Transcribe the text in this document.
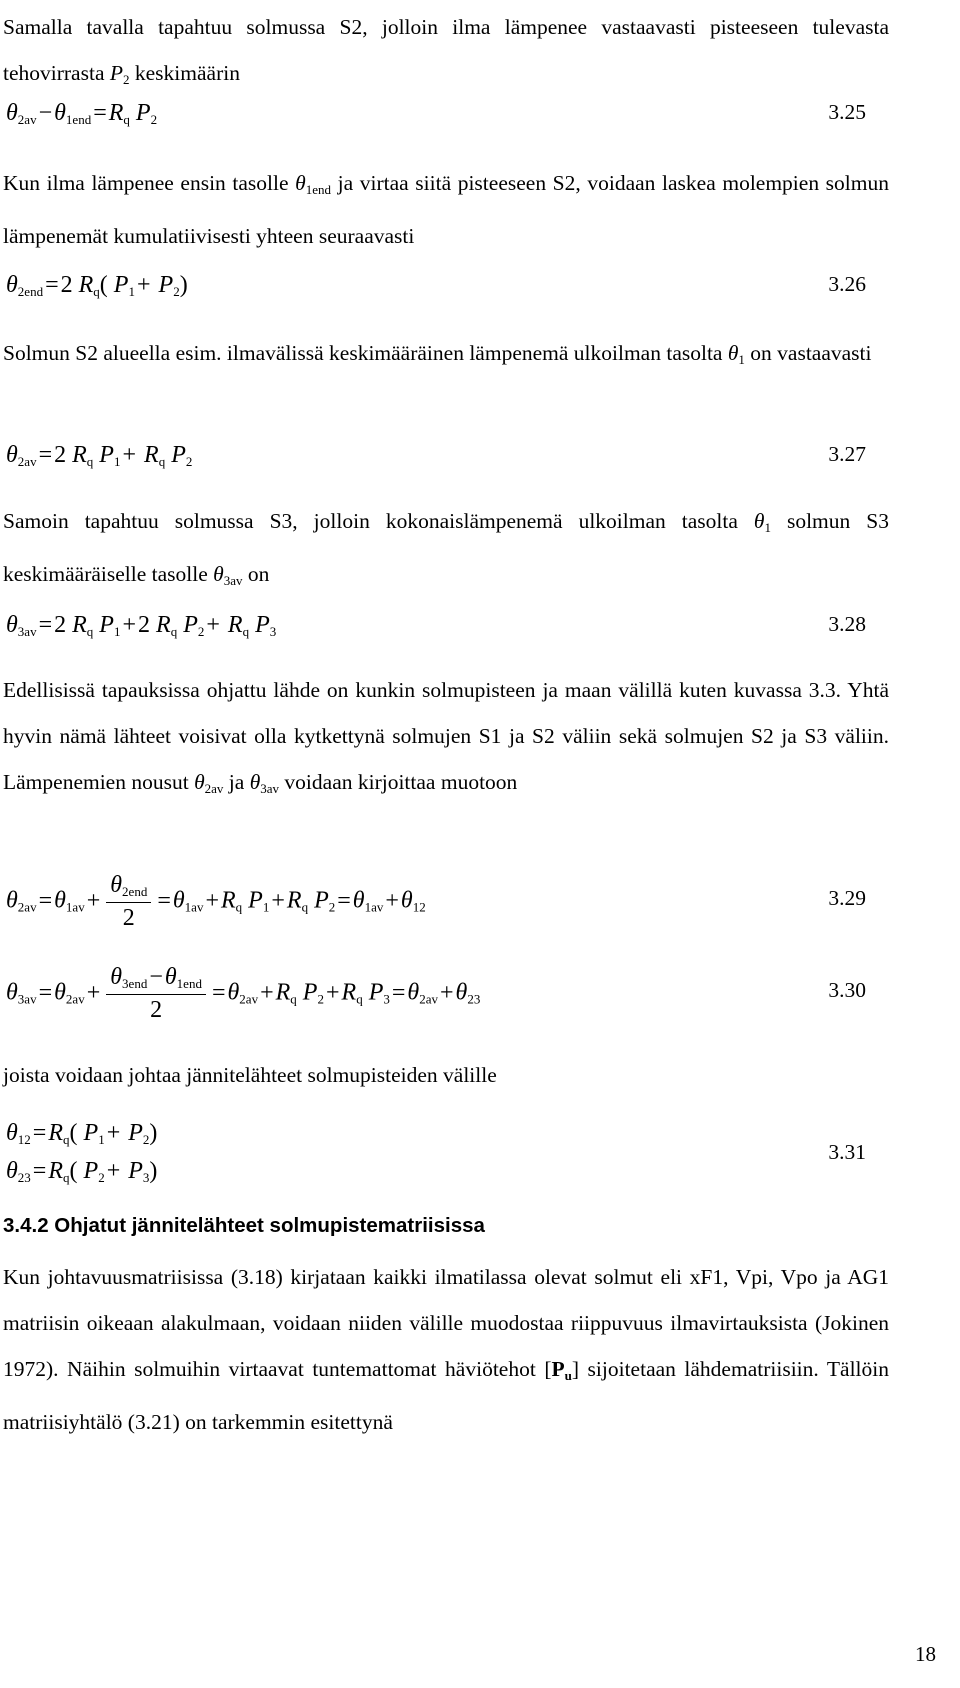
Samalla tavalla tapahtuu solmussa S2, jolloin ilma lämpenee vastaavasti pisteeseen tulevasta tehovirrasta $P_2$ keskimäärin

$\theta_{2av}-\theta_{1end}=R_q$ $P_2$	3.25

Kun ilma lämpenee ensin tasolle $\theta_{1end}$ ja virtaa siitä pisteeseen S2, voidaan laskea molempien solmun lämpenemät kumulatiivisesti yhteen seuraavasti

$\theta_{2end}=2$ $R_q$( $P_1+ P_2$)	3.26

Solmun S2 alueella esim. ilmavälissä keskimääräinen lämpenemä ulkoilman tasolta $\theta_1$ on vastaavasti

$\theta_{2av}=2$ $R_q$ $P_1+ R_q$ $P_2$	3.27

Samoin tapahtuu solmussa S3, jolloin kokonaislämpenemä ulkoilman tasolta $\theta_1$ solmun S3 keskimääräiselle tasolle $\theta_{3av}$ on

$\theta_{3av}=2$ $R_q$ $P_1+2$ $R_q$ $P_2+ R_q$ $P_3$	3.28

Edellisissä tapauksissa ohjattu lähde on kunkin solmupisteen ja maan välillä kuten kuvassa 3.3. Yhtä hyvin nämä lähteet voisivat olla kytkettynä solmujen S1 ja S2 väliin sekä solmujen S2 ja S3 väliin. Lämpenemien nousut $\theta_{2av}$ ja $\theta_{3av}$ voidaan kirjoittaa muotoon

$\theta_{2av}=\theta_{1av}+ \frac{\theta_{2end}}{2} =\theta_{1av}+R_q$ $P_1+R_q$ $P_2=\theta_{1av}+\theta_{12}$	3.29
$\theta_{3av}=\theta_{2av}+ \frac{\theta_{3end}-\theta_{1end}}{2} =\theta_{2av}+R_q$ $P_2+R_q$ $P_3=\theta_{2av}+\theta_{23}$	3.30

joista voidaan johtaa jännitelähteet solmupisteiden välille

$\theta_{12}=R_q$( $P_1+ P_2$)
$\theta_{23}=R_q$( $P_2+ P_3$)
3.31
3.4.2 Ohjatut jännitelähteet solmupistematriisissa

Kun johtavuusmatriisissa (3.18) kirjataan kaikki ilmatilassa olevat solmut eli xF1, Vpi, Vpo ja AG1 matriisin oikeaan alakulmaan, voidaan niiden välille muodostaa riippuvuus ilmavirtauksista (Jokinen 1972). Näihin solmuihin virtaavat tuntemattomat häviötehot $[P_u]$ sijoitetaan lähdematriisiin. Tällöin matriisiyhtälö (3.21) on tarkemmin esitettynä

18
